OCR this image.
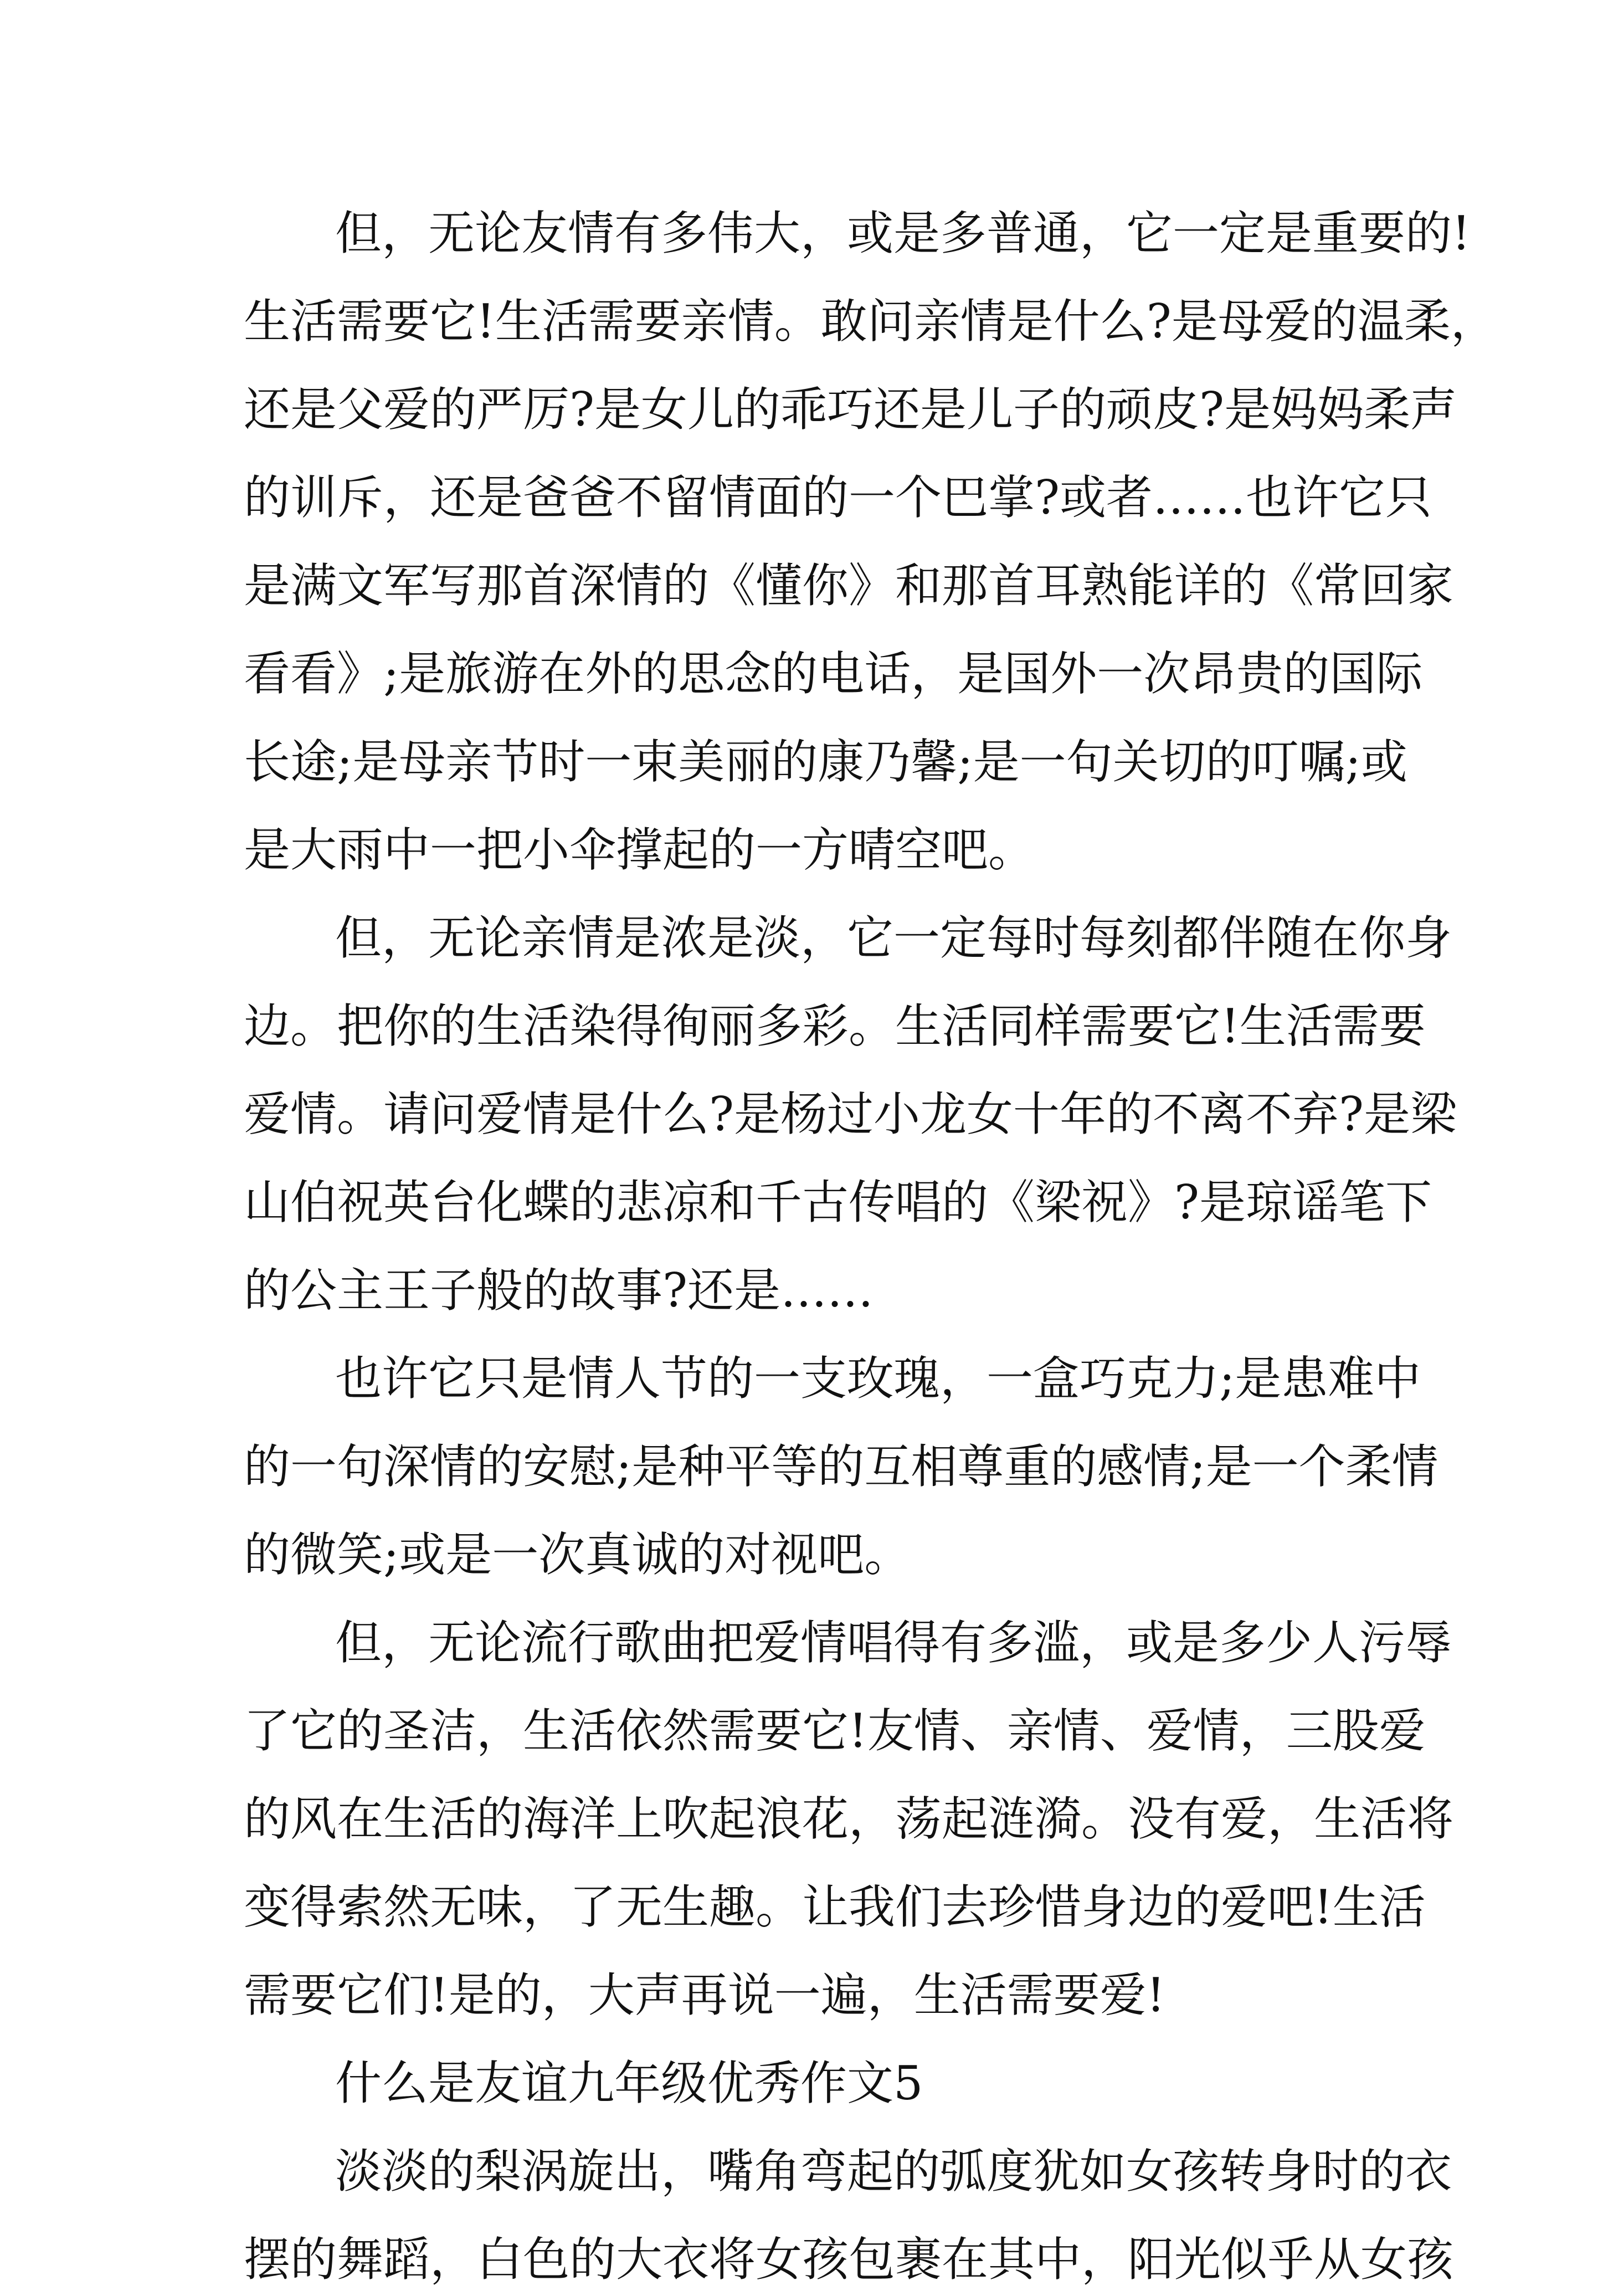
但，无论友情有多伟大，或是多普通，它一定是重要的!
生活需要它!生活需要亲情。敢问亲情是什么?是母爱的温柔，
还是父爱的严厉?是女儿的乖巧还是儿子的顽皮?是妈妈柔声
的训斥，还是爸爸不留情面的一个巴掌?或者……也许它只
是满文军写那首深情的《懂你》和那首耳熟能详的《常回家
看看》;是旅游在外的思念的电话，是国外一次昂贵的国际
长途;是母亲节时一束美丽的康乃馨;是一句关切的叮嘱;或
是大雨中一把小伞撑起的一方晴空吧。
但，无论亲情是浓是淡，它一定每时每刻都伴随在你身
边。把你的生活染得徇丽多彩。生活同样需要它!生活需要
爱情。请问爱情是什么?是杨过小龙女十年的不离不弃?是梁
山伯祝英台化蝶的悲凉和千古传唱的《梁祝》?是琼谣笔下
的公主王子般的故事?还是……
也许它只是情人节的一支玫瑰，一盒巧克力;是患难中
的一句深情的安慰;是种平等的互相尊重的感情;是一个柔情
的微笑;或是一次真诚的对视吧。
但，无论流行歌曲把爱情唱得有多滥，或是多少人污辱
了它的圣洁，生活依然需要它!友情、亲情、爱情，三股爱
的风在生活的海洋上吹起浪花，荡起涟漪。没有爱，生活将
变得索然无味，了无生趣。让我们去珍惜身边的爱吧!生活
需要它们!是的，大声再说一遍，生活需要爱!
什么是友谊九年级优秀作文5
淡淡的梨涡旋出，嘴角弯起的弧度犹如女孩转身时的衣
摆的舞蹈，白色的大衣将女孩包裹在其中，阳光似乎从女孩
